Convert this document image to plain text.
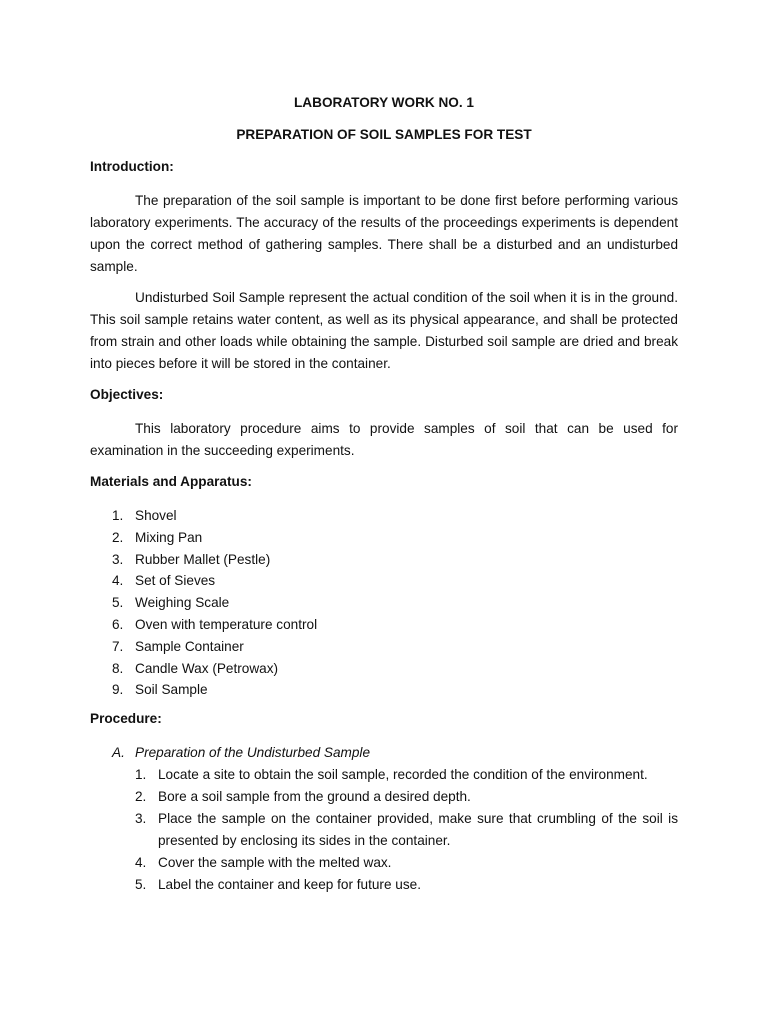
LABORATORY WORK NO. 1

PREPARATION OF SOIL SAMPLES FOR TEST

Introduction:

The preparation of the soil sample is important to be done first before performing various laboratory experiments. The accuracy of the results of the proceedings experiments is dependent upon the correct method of gathering samples. There shall be a disturbed and an undisturbed sample.

Undisturbed Soil Sample represent the actual condition of the soil when it is in the ground. This soil sample retains water content, as well as its physical appearance, and shall be protected from strain and other loads while obtaining the sample. Disturbed soil sample are dried and break into pieces before it will be stored in the container.

Objectives:

This laboratory procedure aims to provide samples of soil that can be used for examination in the succeeding experiments.

Materials and Apparatus:

1. Shovel
2. Mixing Pan
3. Rubber Mallet (Pestle)
4. Set of Sieves
5. Weighing Scale
6. Oven with temperature control
7. Sample Container
8. Candle Wax (Petrowax)
9. Soil Sample

Procedure:

A. Preparation of the Undisturbed Sample

1. Locate a site to obtain the soil sample, recorded the condition of the environment.
2. Bore a soil sample from the ground a desired depth.
3. Place the sample on the container provided, make sure that crumbling of the soil is presented by enclosing its sides in the container.
4. Cover the sample with the melted wax.
5. Label the container and keep for future use.
